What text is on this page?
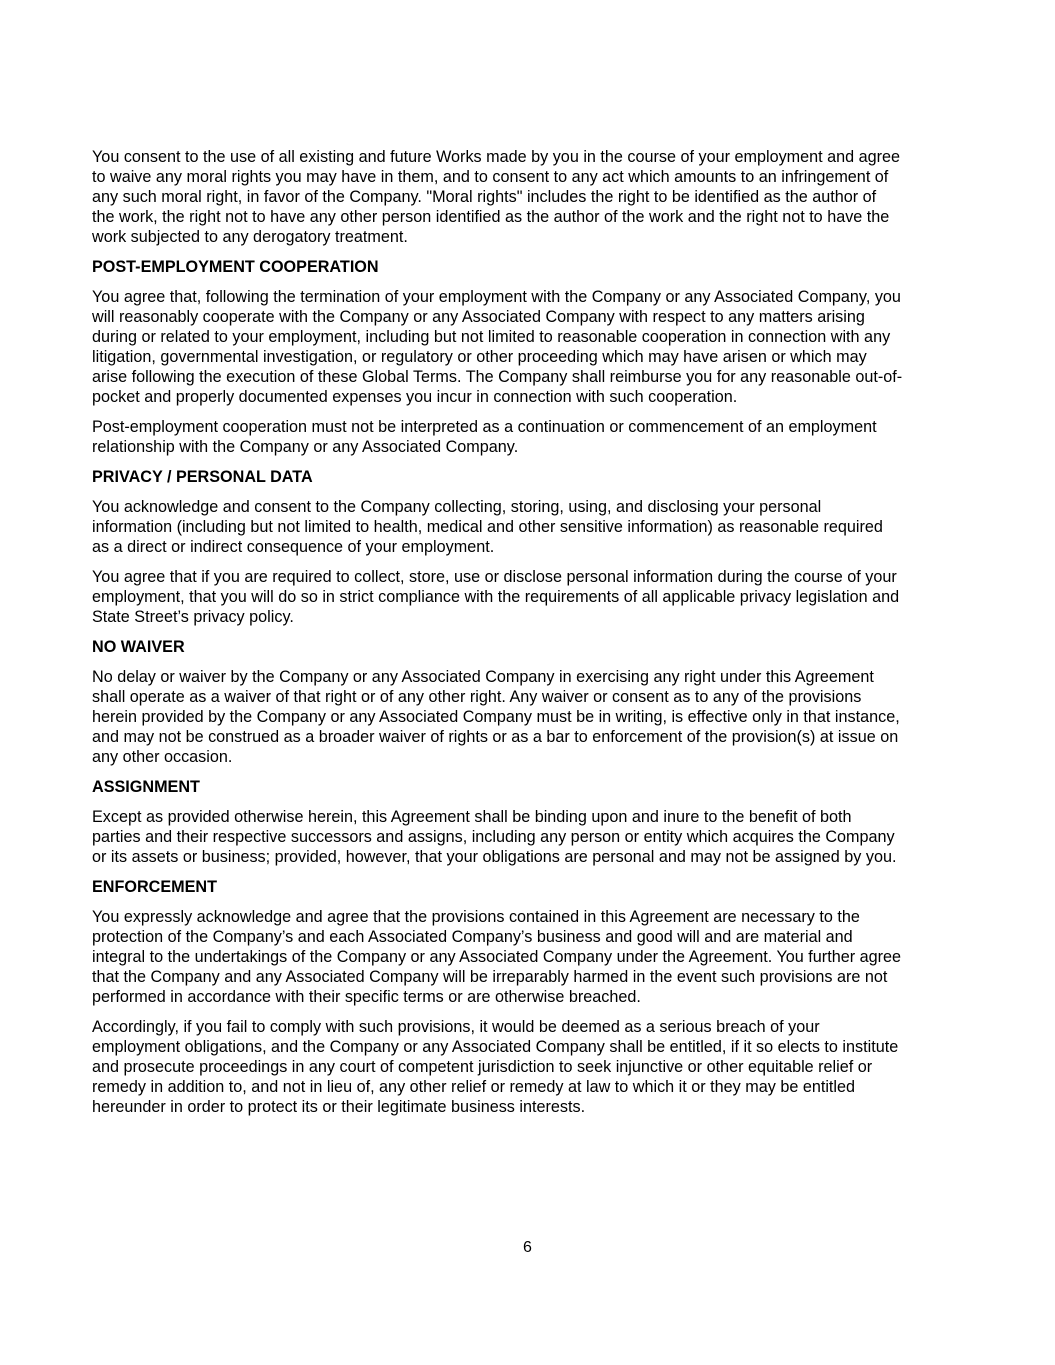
You consent to the use of all existing and future Works made by you in the course of your employment and agree
to waive any moral rights you may have in them, and to consent to any act which amounts to an infringement of
any such moral right, in favor of the Company. "Moral rights" includes the right to be identified as the author of
the work, the right not to have any other person identified as the author of the work and the right not to have the
work subjected to any derogatory treatment.

POST-EMPLOYMENT COOPERATION

You agree that, following the termination of your employment with the Company or any Associated Company, you
will reasonably cooperate with the Company or any Associated Company with respect to any matters arising
during or related to your employment, including but not limited to reasonable cooperation in connection with any
litigation, governmental investigation, or regulatory or other proceeding which may have arisen or which may
arise following the execution of these Global Terms. The Company shall reimburse you for any reasonable out-of-
pocket and properly documented expenses you incur in connection with such cooperation.

Post-employment cooperation must not be interpreted as a continuation or commencement of an employment
relationship with the Company or any Associated Company.

PRIVACY / PERSONAL DATA

You acknowledge and consent to the Company collecting, storing, using, and disclosing your personal
information (including but not limited to health, medical and other sensitive information) as reasonable required
as a direct or indirect consequence of your employment.

You agree that if you are required to collect, store, use or disclose personal information during the course of your
employment, that you will do so in strict compliance with the requirements of all applicable privacy legislation and
State Street’s privacy policy.

NO WAIVER

No delay or waiver by the Company or any Associated Company in exercising any right under this Agreement
shall operate as a waiver of that right or of any other right. Any waiver or consent as to any of the provisions
herein provided by the Company or any Associated Company must be in writing, is effective only in that instance,
and may not be construed as a broader waiver of rights or as a bar to enforcement of the provision(s) at issue on
any other occasion.

ASSIGNMENT

Except as provided otherwise herein, this Agreement shall be binding upon and inure to the benefit of both
parties and their respective successors and assigns, including any person or entity which acquires the Company
or its assets or business; provided, however, that your obligations are personal and may not be assigned by you.

ENFORCEMENT

You expressly acknowledge and agree that the provisions contained in this Agreement are necessary to the
protection of the Company’s and each Associated Company’s business and good will and are material and
integral to the undertakings of the Company or any Associated Company under the Agreement. You further agree
that the Company and any Associated Company will be irreparably harmed in the event such provisions are not
performed in accordance with their specific terms or are otherwise breached.

Accordingly, if you fail to comply with such provisions, it would be deemed as a serious breach of your
employment obligations, and the Company or any Associated Company shall be entitled, if it so elects to institute
and prosecute proceedings in any court of competent jurisdiction to seek injunctive or other equitable relief or
remedy in addition to, and not in lieu of, any other relief or remedy at law to which it or they may be entitled
hereunder in order to protect its or their legitimate business interests.

6
